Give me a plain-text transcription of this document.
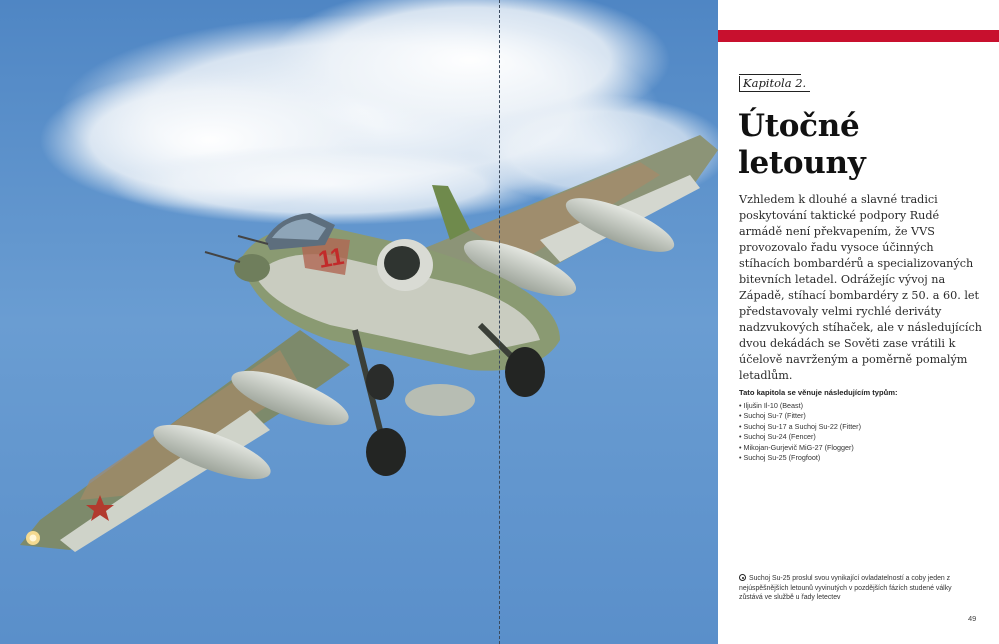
11
Kapitola 2.
Útočné
letouny
Vzhledem k dlouhé a slavné tradici poskytování taktické podpory Rudé armádě není překvapením, že VVS provozovalo řadu vysoce účinných stíhacích bombardérů a specializovaných bitevních letadel. Odrážejíc vývoj na Západě, stíhací bombardéry z 50. a 60. let představovaly velmi rychlé deriváty nadzvukových stíhaček, ale v následujících dvou dekádách se Sověti zase vrátili k účelově navrženým a poměrně pomalým letadlům.
Tato kapitola se věnuje následujícím typům:
• Iljušin Il-10 (Beast)
• Suchoj Su-7 (Fitter)
• Suchoj Su-17 a Suchoj Su-22 (Fitter)
• Suchoj Su-24 (Fencer)
• Mikojan-Gurjevič MiG-27 (Flogger)
• Suchoj Su-25 (Frogfoot)
Suchoj Su-25 proslul svou vynikající ovladatelností a coby jeden z nejúspěšnějších letounů vyvinutých v pozdějších fázích studené války zůstává ve službě u řady letectev
49
